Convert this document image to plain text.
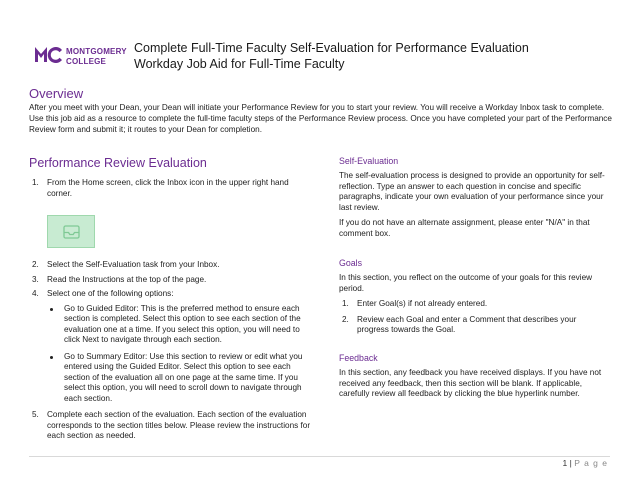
MONTGOMERY
COLLEGE
Complete Full-Time Faculty Self-Evaluation for Performance Evaluation
Workday Job Aid for Full-Time Faculty
Overview

After you meet with your Dean, your Dean will initiate your Performance Review for you to start your review. You will receive a Workday Inbox task to complete. Use this job aid as a resource to complete the full-time faculty steps of the Performance Review process. Once you have completed your part of the Performance Review form and submit it; it routes to your Dean for completion.

Performance Review Evaluation
1. From the Home screen, click the Inbox icon in the upper right hand corner.
2. Select the Self-Evaluation task from your Inbox.
3. Read the Instructions at the top of the page.
4. Select one of the following options:
Go to Guided Editor: This is the preferred method to ensure each section is completed. Select this option to see each section of the evaluation one at a time. If you select this option, you will need to click Next to navigate through each section.
Go to Summary Editor: Use this section to review or edit what you entered using the Guided Editor. Select this option to see each section of the evaluation all on one page at the same time. If you select this option, you will need to scroll down to navigate through each section.
5. Complete each section of the evaluation. Each section of the evaluation corresponds to the section titles below. Please review the instructions for each section as needed.
Self-Evaluation

The self-evaluation process is designed to provide an opportunity for self-reflection. Type an answer to each question in concise and specific paragraphs, indicate your own evaluation of your performance since your last review.

If you do not have an alternate assignment, please enter "N/A" in that comment box.

Goals

In this section, you reflect on the outcome of your goals for this review period.

1. Enter Goal(s) if not already entered.
2. Review each Goal and enter a Comment that describes your progress towards the Goal.
Feedback

In this section, any feedback you have received displays. If you have not received any feedback, then this section will be blank. If applicable, carefully review all feedback by clicking the blue hyperlink number.

1 | P a g e
